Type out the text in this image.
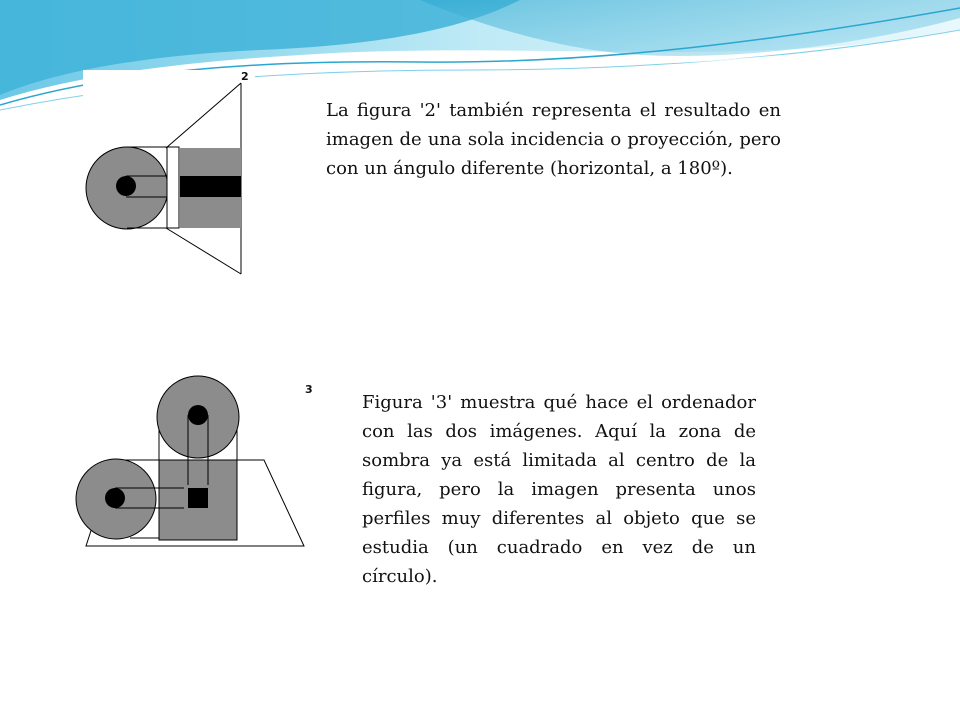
2

La figura '2' también representa el resultado en imagen de una sola incidencia o proyección, pero con un ángulo diferente (horizontal, a 180º).

3

Figura '3' muestra qué hace el ordenador con las dos imágenes. Aquí la zona de sombra ya está limitada al centro de la figura, pero la imagen presenta unos perfiles muy diferentes al objeto que se estudia (un cuadrado en vez de un círculo).
